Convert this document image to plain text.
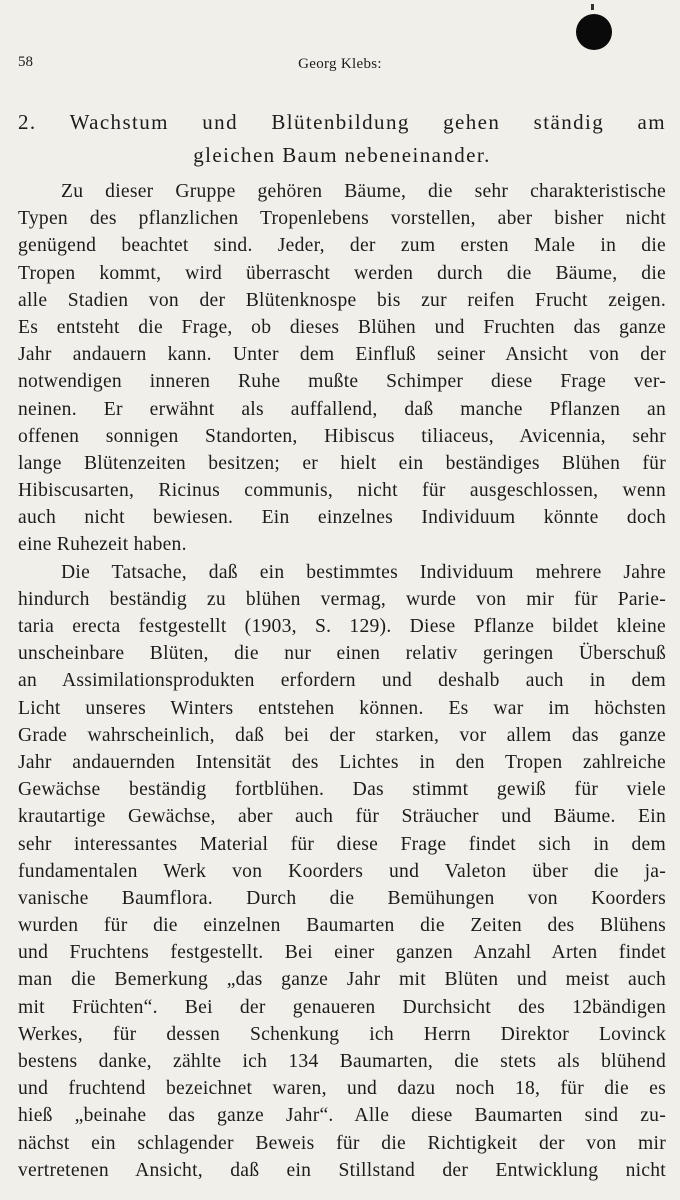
58	Georg Klebs:
2. Wachstum und Blütenbildung gehen ständig am
gleichen Baum nebeneinander.
Zu dieser Gruppe gehören Bäume, die sehr charakteristische
Typen des pflanzlichen Tropenlebens vorstellen, aber bisher nicht
genügend beachtet sind. Jeder, der zum ersten Male in die
Tropen kommt, wird überrascht werden durch die Bäume, die
alle Stadien von der Blütenknospe bis zur reifen Frucht zeigen.
Es entsteht die Frage, ob dieses Blühen und Fruchten das ganze
Jahr andauern kann. Unter dem Einfluß seiner Ansicht von der
notwendigen inneren Ruhe mußte Schimper diese Frage ver-
neinen. Er erwähnt als auffallend, daß manche Pflanzen an
offenen sonnigen Standorten, Hibiscus tiliaceus, Avicennia, sehr
lange Blütenzeiten besitzen; er hielt ein beständiges Blühen für
Hibiscusarten, Ricinus communis, nicht für ausgeschlossen, wenn
auch nicht bewiesen. Ein einzelnes Individuum könnte doch
eine Ruhezeit haben.
Die Tatsache, daß ein bestimmtes Individuum mehrere Jahre
hindurch beständig zu blühen vermag, wurde von mir für Parie-
taria erecta festgestellt (1903, S. 129). Diese Pflanze bildet kleine
unscheinbare Blüten, die nur einen relativ geringen Überschuß
an Assimilationsprodukten erfordern und deshalb auch in dem
Licht unseres Winters entstehen können. Es war im höchsten
Grade wahrscheinlich, daß bei der starken, vor allem das ganze
Jahr andauernden Intensität des Lichtes in den Tropen zahlreiche
Gewächse beständig fortblühen. Das stimmt gewiß für viele
krautartige Gewächse, aber auch für Sträucher und Bäume. Ein
sehr interessantes Material für diese Frage findet sich in dem
fundamentalen Werk von Koorders und Valeton über die ja-
vanische Baumflora. Durch die Bemühungen von Koorders
wurden für die einzelnen Baumarten die Zeiten des Blühens
und Fruchtens festgestellt. Bei einer ganzen Anzahl Arten findet
man die Bemerkung „das ganze Jahr mit Blüten und meist auch
mit Früchten“. Bei der genaueren Durchsicht des 12bändigen
Werkes, für dessen Schenkung ich Herrn Direktor Lovinck
bestens danke, zählte ich 134 Baumarten, die stets als blühend
und fruchtend bezeichnet waren, und dazu noch 18, für die es
hieß „beinahe das ganze Jahr“. Alle diese Baumarten sind zu-
nächst ein schlagender Beweis für die Richtigkeit der von mir
vertretenen Ansicht, daß ein Stillstand der Entwicklung nicht
